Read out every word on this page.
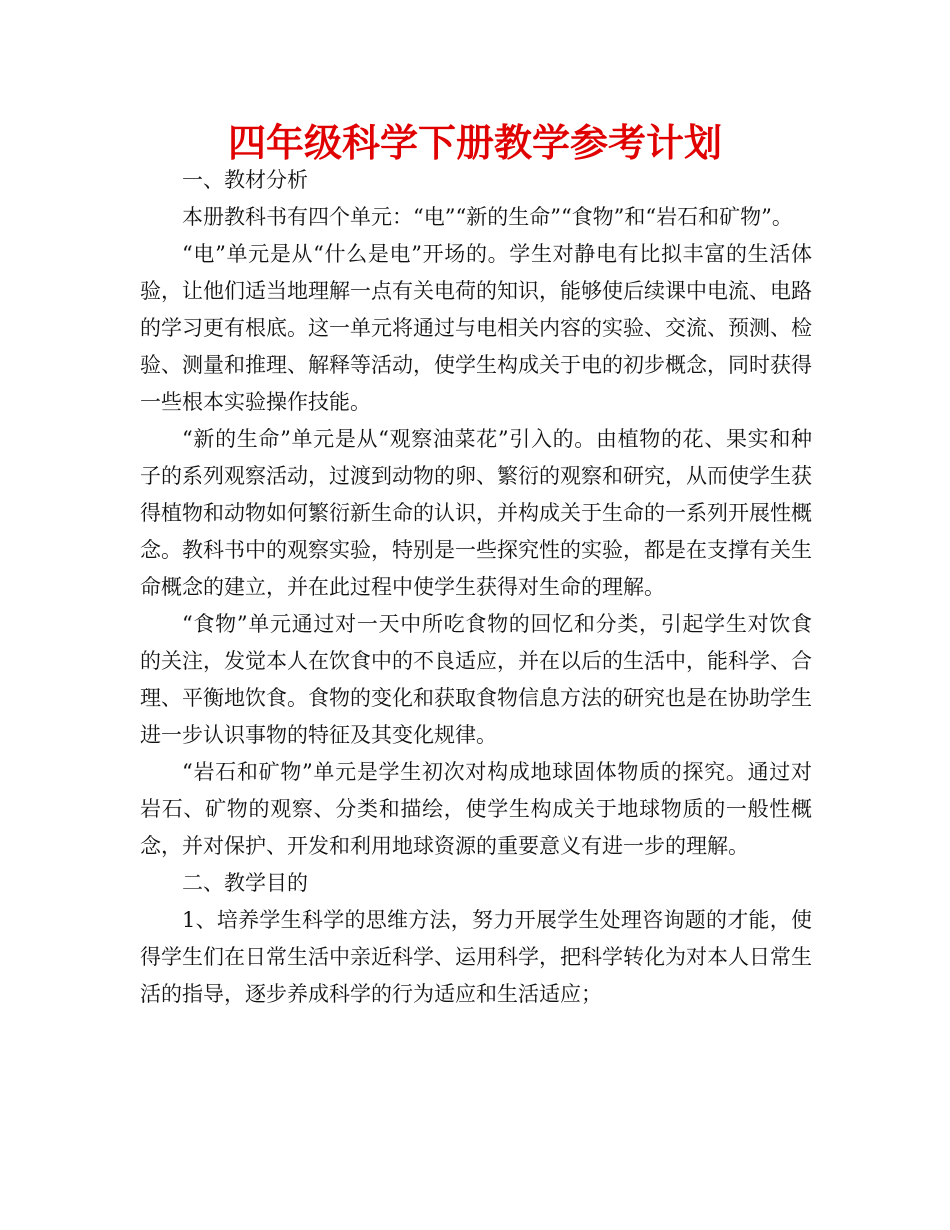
四年级科学下册教学参考计划

一、教材分析

本册教科书有四个单元：“电”“新的生命”“食物”和“岩石和矿物”。

“电”单元是从“什么是电”开场的。学生对静电有比拟丰富的生活体验，让他们适当地理解一点有关电荷的知识，能够使后续课中电流、电路的学习更有根底。这一单元将通过与电相关内容的实验、交流、预测、检验、测量和推理、解释等活动，使学生构成关于电的初步概念，同时获得一些根本实验操作技能。

“新的生命”单元是从“观察油菜花”引入的。由植物的花、果实和种子的系列观察活动，过渡到动物的卵、繁衍的观察和研究，从而使学生获得植物和动物如何繁衍新生命的认识，并构成关于生命的一系列开展性概念。教科书中的观察实验，特别是一些探究性的实验，都是在支撑有关生命概念的建立，并在此过程中使学生获得对生命的理解。

“食物”单元通过对一天中所吃食物的回忆和分类，引起学生对饮食的关注，发觉本人在饮食中的不良适应，并在以后的生活中，能科学、合理、平衡地饮食。食物的变化和获取食物信息方法的研究也是在协助学生进一步认识事物的特征及其变化规律。

“岩石和矿物”单元是学生初次对构成地球固体物质的探究。通过对岩石、矿物的观察、分类和描绘，使学生构成关于地球物质的一般性概念，并对保护、开发和利用地球资源的重要意义有进一步的理解。

二、教学目的

1、培养学生科学的思维方法，努力开展学生处理咨询题的才能，使得学生们在日常生活中亲近科学、运用科学，把科学转化为对本人日常生活的指导，逐步养成科学的行为适应和生活适应；
